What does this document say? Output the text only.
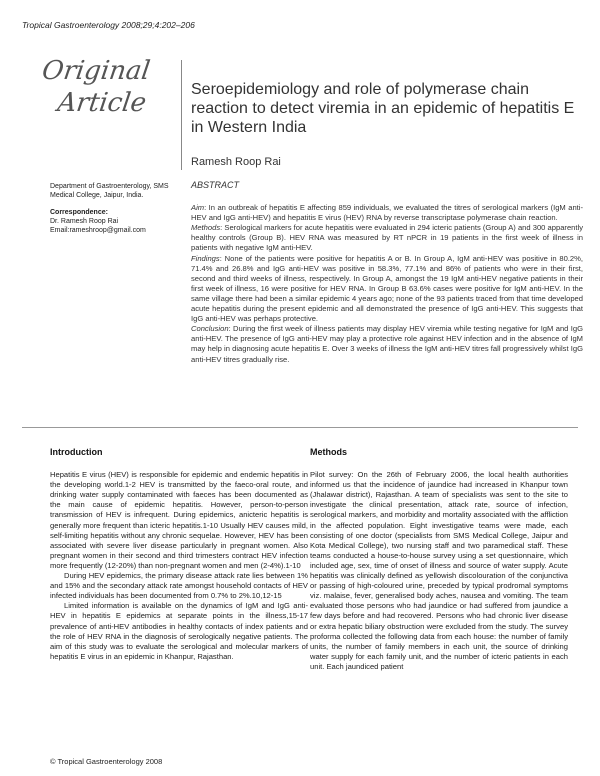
Tropical Gastroenterology 2008;29;4:202–206
Original
Article	Seroepidemiology and role of polymerase chain reaction to detect viremia in an epidemic of hepatitis E in Western India
Ramesh Roop Rai
Department of Gastroenterology, SMS Medical College, Jaipur, India.
Correspondence:
Dr. Ramesh Roop Rai
Email:rameshroop@gmail.com
ABSTRACT

Aim: In an outbreak of hepatitis E affecting 859 individuals, we evaluated the titres of serological markers (IgM anti-HEV and IgG anti-HEV) and hepatitis E virus (HEV) RNA by reverse transcriptase polymerase chain reaction.

Methods: Serological markers for acute hepatitis were evaluated in 294 icteric patients (Group A) and 300 apparently healthy controls (Group B). HEV RNA was measured by RT nPCR in 19 patients in the first week of illness in patients with negative IgM anti-HEV.

Findings: None of the patients were positive for hepatitis A or B. In Group A, IgM anti-HEV was positive in 80.2%, 71.4% and 26.8% and IgG anti-HEV was positive in 58.3%, 77.1% and 86% of patients who were in their first, second and third weeks of illness, respectively. In Group A, amongst the 19 IgM anti-HEV negative patients in their first week of illness, 16 were positive for HEV RNA. In Group B 63.6% cases were positive for IgM anti-HEV. In the same village there had been a similar epidemic 4 years ago; none of the 93 patients traced from that time developed acute hepatitis during the present epidemic and all demonstrated the presence of IgG anti-HEV. This suggests that IgG anti-HEV was perhaps protective.

Conclusion: During the first week of illness patients may display HEV viremia while testing negative for IgM and IgG anti-HEV. The presence of IgG anti-HEV may play a protective role against HEV infection and in the absence of IgM may help in diagnosing acute hepatitis E. Over 3 weeks of illness the IgM anti-HEV titres fall progressively whilst IgG anti-HEV titres gradually rise.

Introduction

Hepatitis E virus (HEV) is responsible for epidemic and endemic hepatitis in the developing world.1-2 HEV is transmitted by the faeco-oral route, and drinking water supply contaminated with faeces has been documented as the main cause of epidemic hepatitis. However, person-to-person transmission of HEV is infrequent. During epidemics, anicteric hepatitis is generally more frequent than icteric hepatitis.1-10 Usually HEV causes mild, self-limiting hepatitis without any chronic sequelae. However, HEV has been associated with severe liver disease particularly in pregnant women. Also pregnant women in their second and third trimesters contract HEV infection more frequently (12-20%) than non-pregnant women and men (2-4%).1-10

During HEV epidemics, the primary disease attack rate lies between 1% and 15% and the secondary attack rate amongst household contacts of HEV infected individuals has been documented from 0.7% to 2%.10,12-15

Limited information is available on the dynamics of IgM and IgG anti-HEV in hepatitis E epidemics at separate points in the illness,15-17 prevalence of anti-HEV antibodies in healthy contacts of index patients and the role of HEV RNA in the diagnosis of serologically negative patients. The aim of this study was to evaluate the serological and molecular markers of hepatitis E virus in an epidemic in Khanpur, Rajasthan.

Methods

Pilot survey: On the 26th of February 2006, the local health authorities informed us that the incidence of jaundice had increased in Khanpur town (Jhalawar district), Rajasthan. A team of specialists was sent to the site to investigate the clinical presentation, attack rate, source of infection, serological markers, and morbidity and mortality associated with the affliction in the affected population. Eight investigative teams were made, each consisting of one doctor (specialists from SMS Medical College, Jaipur and Kota Medical College), two nursing staff and two paramedical staff. These teams conducted a house-to-house survey using a set questionnaire, which included age, sex, time of onset of illness and source of water supply. Acute hepatitis was clinically defined as yellowish discolouration of the conjunctiva or passing of high-coloured urine, preceded by typical prodromal symptoms viz. malaise, fever, generalised body aches, nausea and vomiting. The team evaluated those persons who had jaundice or had suffered from jaundice a few days before and had recovered. Persons who had chronic liver disease or extra hepatic biliary obstruction were excluded from the study. The survey proforma collected the following data from each house: the number of family units, the number of family members in each unit, the source of drinking water supply for each family unit, and the number of icteric patients in each unit. Each jaundiced patient

© Tropical Gastroenterology 2008
